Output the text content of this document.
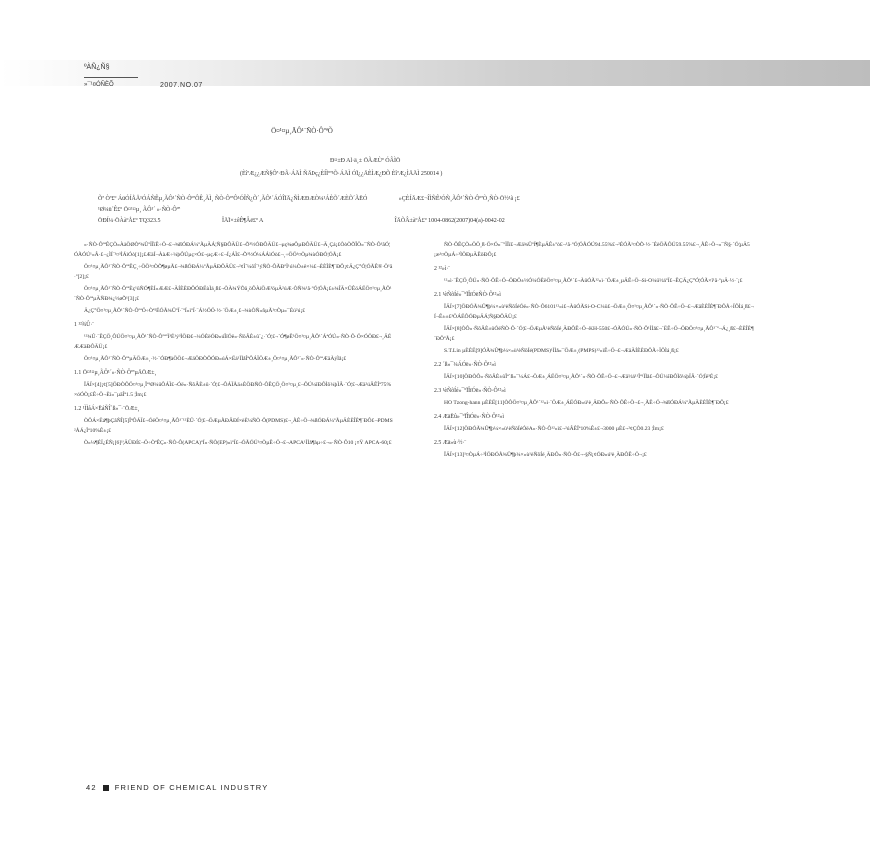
ºÀÑ¿Ñ§
»¯¹¤ÓÑÈÕ	2007.NO.07
Ö¤¹¤µ¸ÃÔ¹´ÑÒ·ÔºªÕ
Ð¤±Ð Al·ä¸± ÖÃÆÙº ÓÂÌÖ
(ÈîªÆ¿¿ÆÑ§Ôª·ÐÃ·ÁÄÌ ÑÄÞç¿ÈÍÌºª¹Õ·ÁÄÌ ÓÏ¿¿ÄÈÌÆ¿ÐÕ ÈîªÆ¿ÌÄÄÌ 250014 )
Õª Òª£º ÁüÓÍÅÅ¹ÓÁÑÊµ¸ÃÔ¹´ÑÒ·ÔºªÔÊ¸ÃÌ¸ ÑÒ·ÔºªÔ¹ÓÎÑ¿Õ´¸ÃÔ¹´ÁÓÎÏÄ¿ÑÌÆÐÆÒ¼¹ÁÈÕ´ÆÈÕ´ÃËÓ	»ÇÈÍÄÆ£¬ÎÌÑÊ¹ÓÑ¸ÃÔ¹´ÑÒ·ÔºªÒ¸ÑÒ·Ö½¹ã ¡£
¹Ø¼ü´Ê£º Ö¤¹¤µ¸ ÃÔ¹´ »·ÑÒ·Ôºª
ÖÐÍ¼·ÖÀàºÅ£º TQ323.5	ÎÄÏ×±êÊ¶Âë£º A	ÎÄÕÂ±àºÅ£º 1004-0862(2007)04(a)-0042-02

»·ÑÒ·ÔºªÊÇÒ»ÀàÖØÒª¾ÛºÏÎïÊ÷Ö¬£¬¾ßÓÐÁ¼ºÃµÄÁ¦Ñ§ÐÔÄÜ£¬Õ³½ÓÐÔÄÜ£¬µç¾øÔµÐÔÄÜ£¬Ä¸Çá¡£ÒòÒÕÎÖ»¯ÑÒ·Ô¹ãÓ¦ÓÃÓÚ¹«Â·£¬¿ÌÍ¨¹¤³ÌÁìÓò[1]¡£ÆäÍ¬ÀàÆ÷¼þÔÚµç×Ó£¬µçÆ÷£¬Í¿ÁÏ£¬Õ³½Ó¼ÁÁìÓò£¬¸÷ÖÖ¹¤Òµ¾ùÓÐÓ¦ÓÃ¡£

Ö¤¹¤µ¸ÃÔ¹´ÑÒ·ÔºªÊÇ¸÷ÖÖ¹¤ÒÕ¶øµÃ£¬¾ßÓÐÁ¼ºÃµÄÐÔÄÜ£¬²¢Î´¼õÍ¨¹ýÑÒ·ÔÃÐºÏ¹ú¼Ò±ê×¼£¬ÈÈÎÈ¶¨ÐÔ¡¢Ä¿Ç°Ó¦ÓÃÊ®·Ö¹ã·º[2]¡£

Ö¤¹¤µ¸ÃÔ¹´ÑÒ·ÔºªÈç¹ûÑÓ¶ÈÍ»ÆÆ£¬ÄÍÈÈÐÔÓÐËùÌá¸ß£¬ÒÀ¾ÝÕâ¸öÔÀíÖÆ³öµÄ²úÆ·ÒÑ¾¹ã·ºÓ¦ÓÃ¡£±¾ÎÄ×ÛÊöÁËÖ¤¹¤µ¸ÃÔ¹´ÑÒ·ÔºªµÄÑÐ¾¿½øÕ¹[3]¡£

Ä¿Ç°Ö¤¹¤µ¸ÃÔ¹´ÑÒ·ÔºªÖ÷Òª²ÉÓÃ¾ÛºÏ·¨ºÍ»ìºÏ·¨Á½ÖÖ·½·¨ÖÆ±¸£¬¾ùÒÑ»ñµÃ¹¤Òµ»¯Éú²ú¡£

1 ¹²¾Û·¨

¹²¾Û·¨ÊÇÖ¸ÔÚÖ¤¹¤µ¸ÃÔ¹´ÑÒ·ÔºªºÏ³É¹ý³ÌÖÐ£¬¼ÓÈëÓÐ»úÎïÓë»·ÑõÂÈ±û´¿·´Ó¦£¬´Ó¶øÊ¹Ö¤¹¤µ¸ÃÔ¹´ÁªÓÚ»·ÑÒ·Ô·Ö×ÓÖÐ£¬¸ÄÉÆÆäÐÔÄÜ¡£

Ö¤¹¤µ¸ÃÔ¹´ÑÒ·ÔºªµÄÖÆ±¸·½·¨ÓÐ¶àÖÖ£¬ÆäÖÐÒÔÓÐ»úÁ×Ëá¹ÌÌåÎªÔÁÏÖÆ±¸Ö¤¹¤µ¸ÃÔ¹´»·ÑÒ·ÔºªÆäÀýÌå¡£

1.1 Ö¤¹¤µ¸ÃÔ¹´»·ÑÒ·ÔºªµÄÖÆ±¸

ÎÄÏ×[4]¡¢[5]ÖÐÒÔÖ¤¹¤µ¸Îª¹Ø¼üÔÁÏ£¬Óë»·ÑõÂÈ±û·´Ó¦£¬ÔÁÏÅä±ÈÖÐÑÒ·ÔÊÇÖ¸Ö¤¹¤µ¸£¬ÔÚ¼îÐÔÌõ¼þÏÂ·´Ó¦£¬Æä²úÂÊÎª75%×óÓÒ¡£Ê÷Ö¬Èí»¯µãÎª1.5 ¦Ìm¡£

1.2 ¹ÌÌåÁ×ËáÑÎ´ß»¯·¨ÖÆ±¸

ÒÔÁ×Ëá¶þÇâÑÎ[5]ÎªÔÁÏ£¬ÓëÖ¤¹¤µ¸ÃÔ¹´¹²ÈÛ·´Ó¦£¬ÖÆµÃÐÂÐÍ×èÈ¼ÑÒ·Ô(PDMS)£¬¸ÃÊ÷Ö¬¾ßÓÐÁ¼ºÃµÄÈÈÎÈ¶¨ÐÔ£¬PDMS²ÅÁ¿Îª10%Ê±¡£

Ò»¼¶ÉÏ¿ÉÑ¡[6]¹¦ÄÜÐÍ£¬Ö÷ÒªÊÇ»·ÑÒ·Ô(APCA)ºÍ»·ÑÒ(EP)»ìºÏ£¬ÓÃÓÚ¹¤ÒµÊ÷Ö¬£¬APCA¹ÌÌå¶àµ÷£¬»·ÑÒ·Ô10 ¡¤Ÿ APCA-60¡£

ÑÒ·ÔÊÇÒ»ÖÖ¸ß·Ö×Ó»¯ºÏÎï£¬Æä¾ÛºÏ¶ÈµÄÊ±ºò£¬¹ã·ºÓ¦ÓÃÓÚ94.55%£¬²ÉÓÃ¹¤ÒÕ·½·¨ÉèÖÃÔÚ59.55%£¬¸ÃÊ÷Ö¬»¯Ñ§·´Ó¦µÄ5 ¡æ¹¤ÒµÁ÷³ÌÖÐµÄÊôÐÔ¡£

2 ¹²»ì·¨

¹²»ì·¨ÊÇÖ¸ÔÚ»·ÑÒ·ÔÊ÷Ö¬ÖÐÖ±½Ó¼ÓÈëÖ¤¹¤µ¸ÃÔ¹´£¬ÀûÓÃ¹²»ì·¨ÖÆ±¸µÄÊ÷Ö¬Si-O¼ü½áºÏ£¬ÊÇÄ¿Ç°Ó¦ÓÃ×î¹ã·ºµÄ·½·¨¡£

2.1 ¹èÑõÍé»¯ºÏÎïÓëÑÒ·Ô¹²»ì

ÎÄÏ×[7]ÖÐÓÃ¾Û¶þ¼×»ù¹èÑõÍéÓë»·ÑÒ·Ô6101¹²»ì£¬ÀûÓÃSi-O-C¼ü£¬ÖÆ±¸Ö¤¹¤µ¸ÃÔ¹´»·ÑÒ·ÔÊ÷Ö¬£¬ÆäÈÈÎÈ¶¨ÐÔÃ÷ÏÔÌá¸ß£¬Í¬Ê±±£³ÖÁËÔÓÐµÄÁ¦Ñ§ÐÔÄÜ¡£

ÎÄÏ×[8]ÒÔ»·ÑõÂÈ±ûÓëÑÒ·Ô·´Ó¦£¬ÖÆµÃ¹èÑõÍé¸ÄÐÔÊ÷Ö¬KH-550£¬ÓÃÓÚ»·ÑÒ·Ô¹ÌÌå£¬´ËÊ÷Ö¬ÖÐÖ¤¹¤µ¸ÃÔ¹´º¬Á¿¸ß£¬ÈÈÎÈ¶¨ÐÔºÃ¡£

S.T.Lin µÈÈË[9]ÓÃ¾Û¶þ¼×»ù¹èÑõÍé(PDMS)¹ÌÌå»¯ÖÆ±¸(PMPS)¹²»ìÊ÷Ö¬£¬ÆäÄÍÈÈÐÔÃ÷ÏÔÌá¸ß¡£

2.2 ´ß»¯¼ÁÓë»·ÑÒ·Ô¹²»ì

ÎÄÏ×[10]ÖÐÒÔ»·ÑõÂÈ±ûÎª´ß»¯¼Á£¬ÖÆ±¸ÁËÖ¤¹¤µ¸ÃÔ¹´»·ÑÒ·ÔÊ÷Ö¬£¬Æä½á¹¹Îª¹ÌÌå£¬ÔÚ¼îÐÔÌõ¼þÏÂ·´Ó¦Íê³É¡£

2.3 ¹èÑõÍé»¯ºÏÎïÓë»·ÑÒ·Ô¹²»ì

HO Tzong-hann µÈÈË[11]ÒÔÖ¤¹¤µ¸ÃÔ¹´¹²»ì·¨ÖÆ±¸ÁËÓÐ»ú¹è¸ÄÐÔ»·ÑÒ·ÔÊ÷Ö¬£¬¸ÃÊ÷Ö¬¾ßÓÐÁ¼ºÃµÄÈÈÎÈ¶¨ÐÔ¡£

2.4 ÆäËû»¯ºÏÎïÓë»·ÑÒ·Ô¹²»ì

ÎÄÏ×[12]ÖÐÓÃ¾Û¶þ¼×»ù¹èÑõÍéÓëA»·ÑÒ·Ô¹²»ì£¬²úÂÊÎª10%Ê±£¬3000 µÈ£¬²¢ÇÒ0.23 ¦Ìm¡£

2.5 Æä»ù·½·¨

ÎÄÏ×[13]¹¤ÒµÁ÷³ÌÖÐÓÃ¾Û¶þ¼×»ù¹èÑõÍé¸ÄÐÔ»·ÑÒ·Ô£¬-§Ñ¡¢ÓÐ»ú¹è¸ÄÐÔÊ÷Ö¬¡£

42 FRIEND OF CHEMICAL INDUSTRY
